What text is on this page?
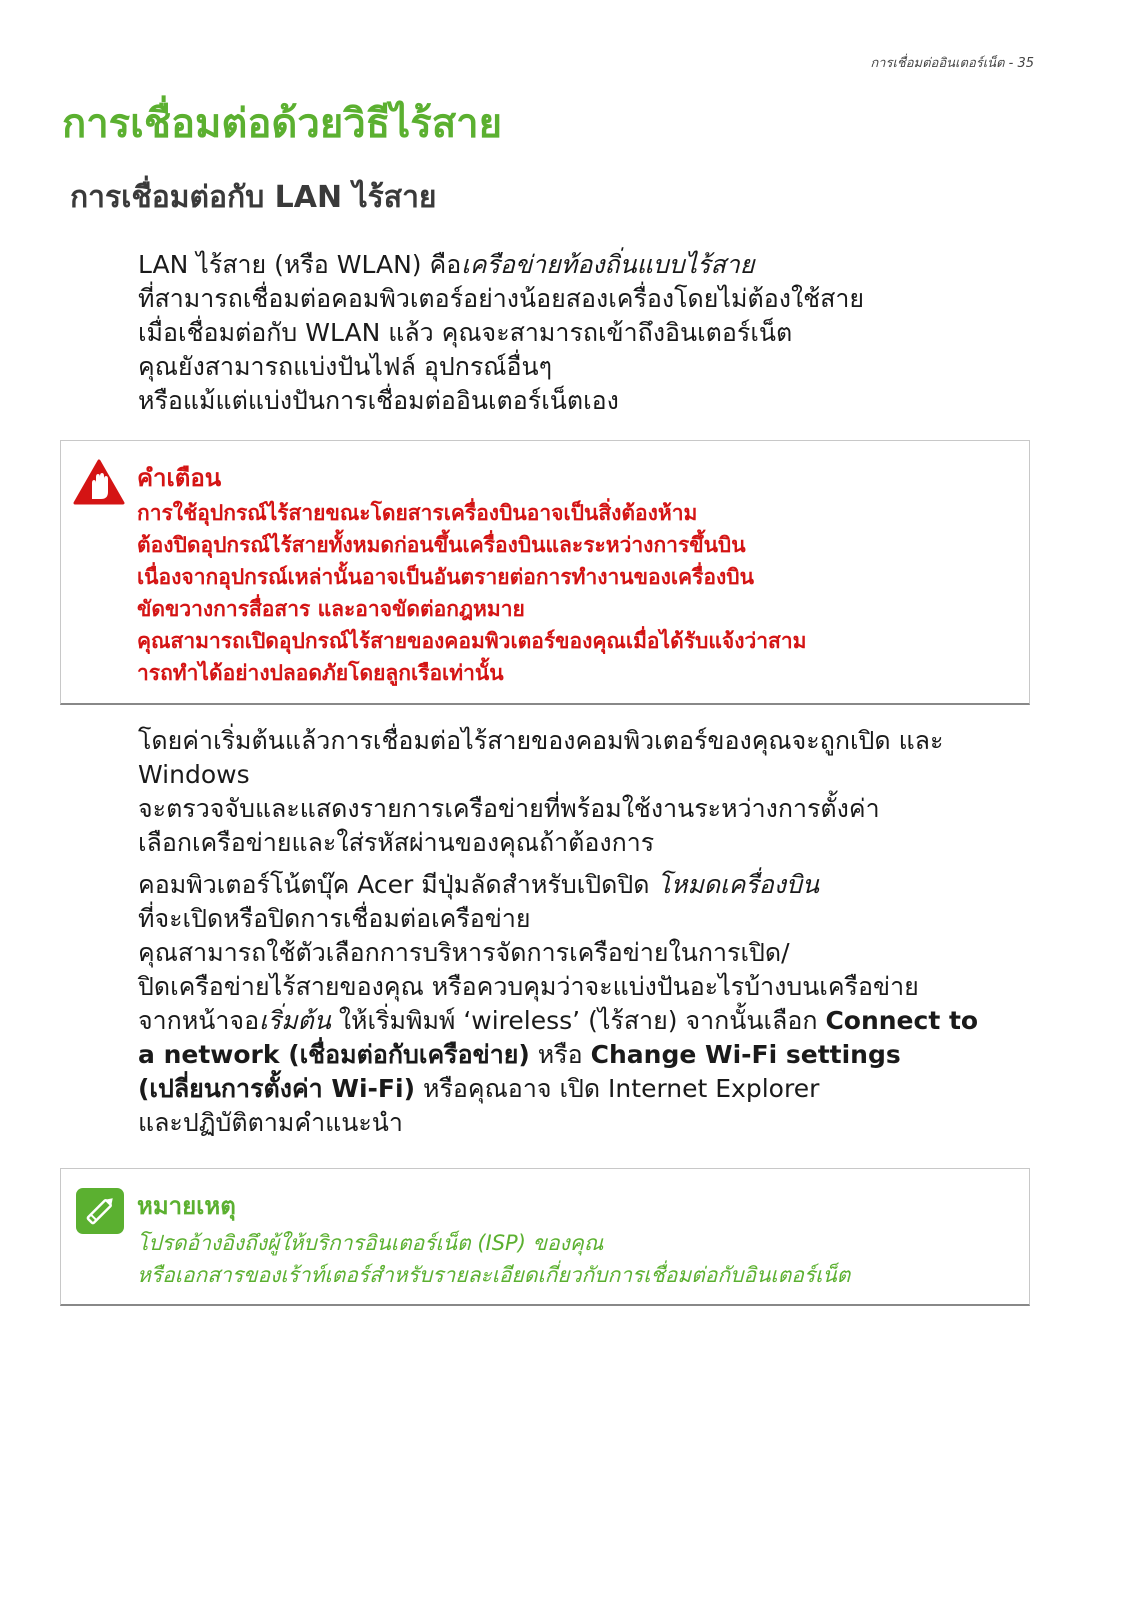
การเชื่อมต่ออินเตอร์เน็ต - 35
การเชื่อมต่อด้วยวิธีไร้สาย
การเชื่อมต่อกับ LAN ไร้สาย

LAN ไร้สาย (หรือ WLAN) คือเครือข่ายท้องถิ่นแบบไร้สาย
ที่สามารถเชื่อมต่อคอมพิวเตอร์อย่างน้อยสองเครื่องโดยไม่ต้องใช้สาย
เมื่อเชื่อมต่อกับ WLAN แล้ว คุณจะสามารถเข้าถึงอินเตอร์เน็ต
คุณยังสามารถแบ่งปันไฟล์ อุปกรณ์อื่นๆ
หรือแม้แต่แบ่งปันการเชื่อมต่ออินเตอร์เน็ตเอง

คำเตือน
การใช้อุปกรณ์ไร้สายขณะโดยสารเครื่องบินอาจเป็นสิ่งต้องห้าม
ต้องปิดอุปกรณ์ไร้สายทั้งหมดก่อนขึ้นเครื่องบินและระหว่างการขึ้นบิน
เนื่องจากอุปกรณ์เหล่านั้นอาจเป็นอันตรายต่อการทำงานของเครื่องบิน
ขัดขวางการสื่อสาร และอาจขัดต่อกฎหมาย
คุณสามารถเปิดอุปกรณ์ไร้สายของคอมพิวเตอร์ของคุณเมื่อได้รับแจ้งว่าสาม
ารถทำได้อย่างปลอดภัยโดยลูกเรือเท่านั้น

โดยค่าเริ่มต้นแล้วการเชื่อมต่อไร้สายของคอมพิวเตอร์ของคุณจะถูกเปิด และ
Windows
จะตรวจจับและแสดงรายการเครือข่ายที่พร้อมใช้งานระหว่างการตั้งค่า
เลือกเครือข่ายและใส่รหัสผ่านของคุณถ้าต้องการ

คอมพิวเตอร์โน้ตบุ๊ค Acer มีปุ่มลัดสำหรับเปิดปิด โหมดเครื่องบิน
ที่จะเปิดหรือปิดการเชื่อมต่อเครือข่าย
คุณสามารถใช้ตัวเลือกการบริหารจัดการเครือข่ายในการเปิด/
ปิดเครือข่ายไร้สายของคุณ หรือควบคุมว่าจะแบ่งปันอะไรบ้างบนเครือข่าย
จากหน้าจอเริ่มต้น ให้เริ่มพิมพ์ ‘wireless’ (ไร้สาย) จากนั้นเลือก Connect to
a network (เชื่อมต่อกับเครือข่าย) หรือ Change Wi-Fi settings
(เปลี่ยนการตั้งค่า Wi-Fi) หรือคุณอาจ เปิด Internet Explorer
และปฏิบัติตามคำแนะนำ

หมายเหตุ
โปรดอ้างอิงถึงผู้ให้บริการอินเตอร์เน็ต (ISP) ของคุณ
หรือเอกสารของเร้าท์เตอร์สำหรับรายละเอียดเกี่ยวกับการเชื่อมต่อกับอินเตอร์เน็ต
